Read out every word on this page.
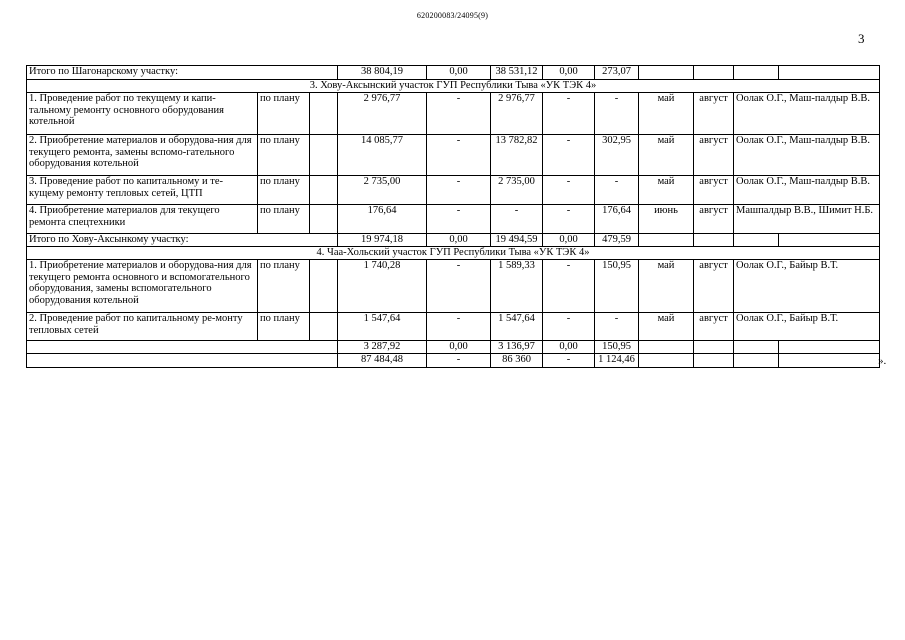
620200083/24095(9)
3
Итого по Шагонарскому участку:			38 804,19	0,00	38 531,12	0,00	273,07				
3. Хову-Аксынский участок ГУП Республики Тыва «УК ТЭК 4»											
1. Проведение работ по текущему и капи-тальному ремонту основного оборудования котельной	по плану		2 976,77	-	2 976,77	-	-	май	август	Оолак О.Г., Маш-палдыр В.В.	
2. Приобретение материалов и оборудова-ния для текущего ремонта, замены вспомо-гательного оборудования котельной	по плану		14 085,77	-	13 782,82	-	302,95	май	август	Оолак О.Г., Маш-палдыр В.В.	
3. Проведение работ по капитальному и те-кущему ремонту тепловых сетей, ЦТП	по плану		2 735,00	-	2 735,00	-	-	май	август	Оолак О.Г., Маш-палдыр В.В.	
4. Приобретение материалов для текущего ремонта спецтехники	по плану		176,64	-	-	-	176,64	июнь	август	Машпалдыр В.В., Шимит Н.Б.	
Итого по Хову-Аксынкому участку:			19 974,18	0,00	19 494,59	0,00	479,59				
4. Чаа-Хольский участок ГУП Республики Тыва «УК ТЭК 4»											
1. Приобретение материалов и оборудова-ния для текущего ремонта основного и вспомогательного оборудования, замены вспомогательного оборудования котельной	по плану		1 740,28	-	1 589,33	-	150,95	май	август	Оолак О.Г., Байыр В.Т.	
2. Проведение работ по капитальному ре-монту тепловых сетей	по плану		1 547,64	-	1 547,64	-	-	май	август	Оолак О.Г., Байыр В.Т.	
			3 287,92	0,00	3 136,97	0,00	150,95				
			87 484,48	-	86 360	-	1 124,46					».
